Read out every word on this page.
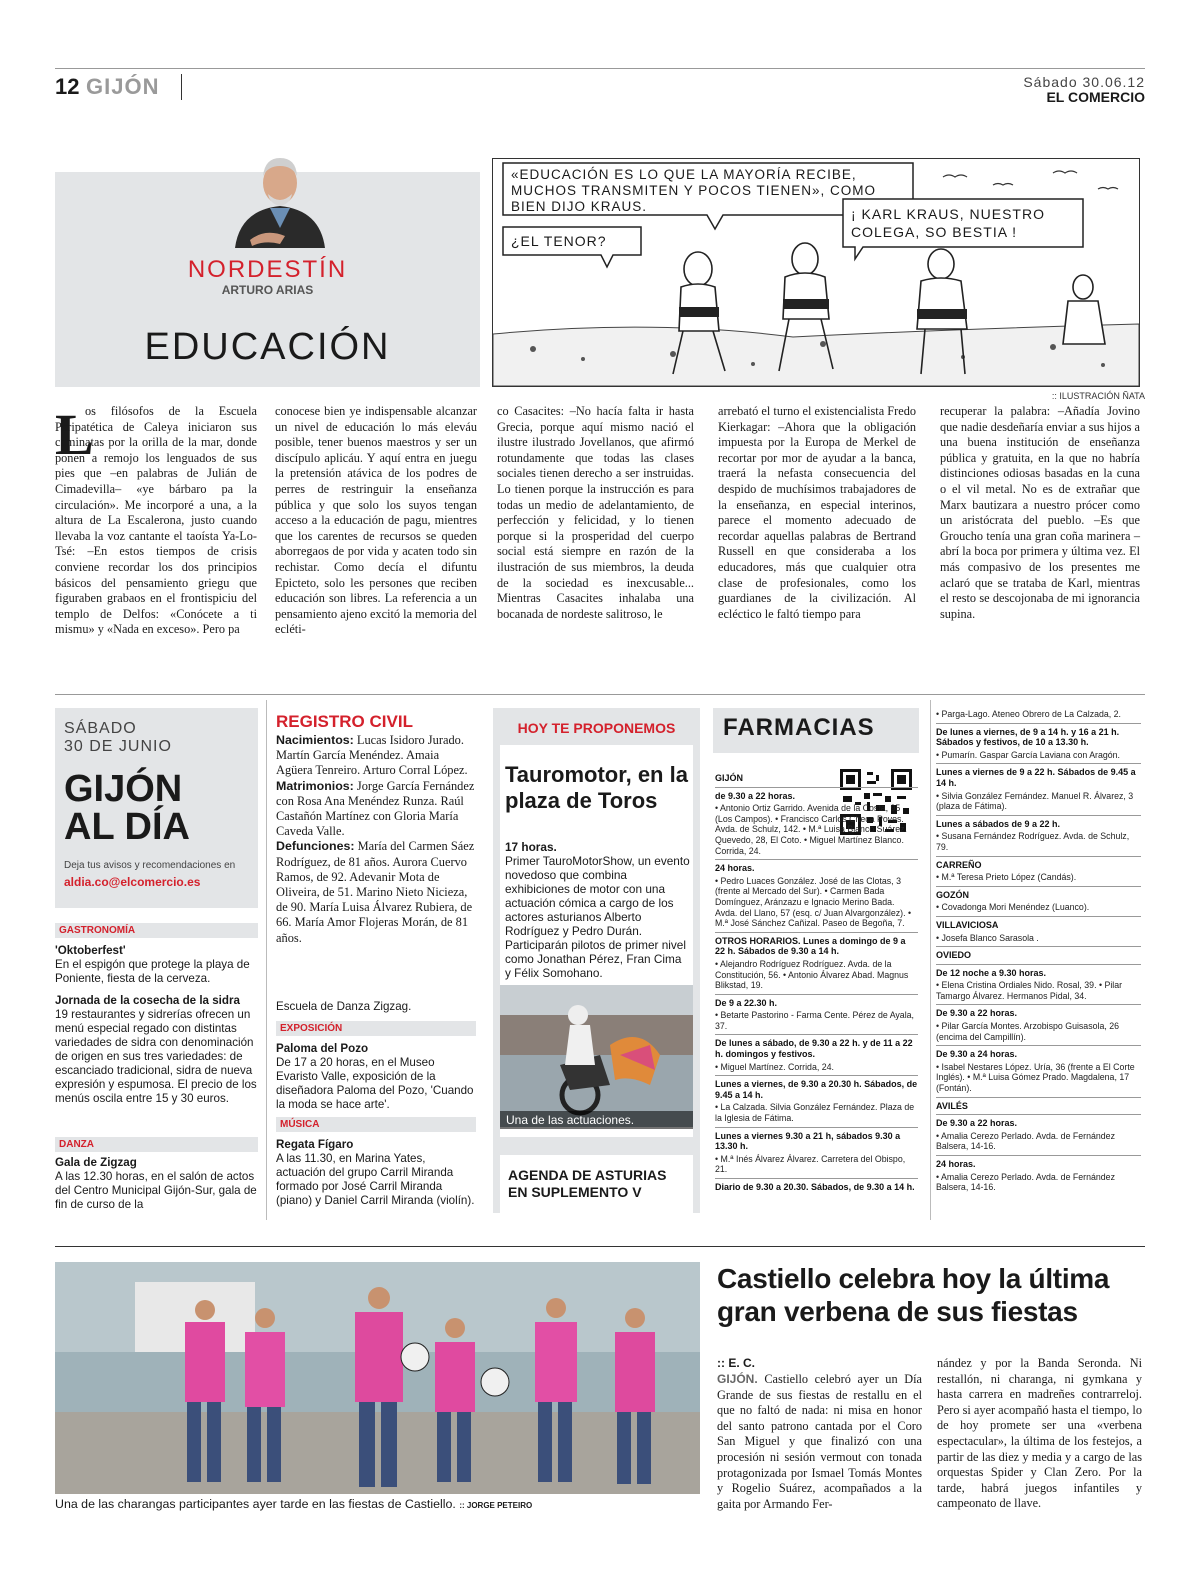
12 GIJÓN	Sábado 30.06.12
EL COMERCIO
NORDESTÍN
ARTURO ARIAS
EDUCACIÓN
«EDUCACIÓN ES LO QUE LA MAYORÍA RECIBE, MUCHOS TRANSMITEN Y POCOS TIENEN», COMO BIEN DIJO KRAUS.
¿EL TENOR?
¡ KARL KRAUS, NUESTRO COLEGA, SO BESTIA !
:: ILUSTRACIÓN ÑATA
L
os filósofos de la Escuela Peripatética de Caleya iniciaron sus caminatas por la orilla de la mar, donde ponen a remojo los lenguados de sus pies que –en palabras de Julián de Cimadevilla– «ye bárbaro pa la circulación». Me incorporé a una, a la altura de La Escalerona, justo cuando llevaba la voz cantante el taoísta Ya-Lo-Tsé: –En estos tiempos de crisis conviene recordar los dos principios básicos del pensamiento griegu que figuraben grabaos en el frontispiciu del templo de Delfos: «Conócete a ti mismu» y «Nada en exceso». Pero pa
conocese bien ye indispensable alcanzar un nivel de educación lo más eleváu posible, tener buenos maestros y ser un discípulo aplicáu. Y aquí entra en juegu la pretensión atávica de los podres de perres de restringuir la enseñanza pública y que solo los suyos tengan acceso a la educación de pagu, mientres que los carentes de recursos se queden aborregaos de por vida y acaten todo sin rechistar. Como decía el difuntu Epicteto, solo les persones que reciben educación son libres. La referencia a un pensamiento ajeno excitó la memoria del ecléti-
co Casacites: –No hacía falta ir hasta Grecia, porque aquí mismo nació el ilustre ilustrado Jovellanos, que afirmó rotundamente que todas las clases sociales tienen derecho a ser instruidas. Lo tienen porque la instrucción es para todas un medio de adelantamiento, de perfección y felicidad, y lo tienen porque si la prosperidad del cuerpo social está siempre en razón de la ilustración de sus miembros, la deuda de la sociedad es inexcusable... Mientras Casacites inhalaba una bocanada de nordeste salitroso, le
arrebató el turno el existencialista Fredo Kierkagar: –Ahora que la obligación impuesta por la Europa de Merkel de recortar por mor de ayudar a la banca, traerá la nefasta consecuencia del despido de muchísimos trabajadores de la enseñanza, en especial interinos, parece el momento adecuado de recordar aquellas palabras de Bertrand Russell en que consideraba a los educadores, más que cualquier otra clase de profesionales, como los guardianes de la civilización. Al ecléctico le faltó tiempo para
recuperar la palabra: –Añadía Jovino que nadie desdeñaría enviar a sus hijos a una buena institución de enseñanza pública y gratuita, en la que no habría distinciones odiosas basadas en la cuna o el vil metal. No es de extrañar que Marx bautizara a nuestro prócer como un aristócrata del pueblo. –Es que Groucho tenía una gran coña marinera –abrí la boca por primera y última vez. El más compasivo de los presentes me aclaró que se trataba de Karl, mientras el resto se descojonaba de mi ignorancia supina.
SÁBADO
30 DE JUNIO
GIJÓN
AL DÍA
Deja tus avisos y recomendaciones en
aldia.co@elcomercio.es
GASTRONOMÍA
'Oktoberfest'
En el espigón que protege la playa de Poniente, fiesta de la cerveza.
Jornada de la cosecha de la sidra
19 restaurantes y sidrerías ofrecen un menú especial regado con distintas variedades de sidra con denominación de origen en sus tres variedades: de escanciado tradicional, sidra de nueva expresión y espumosa. El precio de los menús oscila entre 15 y 30 euros.
DANZA
Gala de Zigzag
A las 12.30 horas, en el salón de actos del Centro Municipal Gijón-Sur, gala de fin de curso de la
REGISTRO CIVIL
Nacimientos: Lucas Isidoro Jurado. Martín García Menéndez. Amaia Agüera Tenreiro. Arturo Corral López.
Matrimonios: Jorge García Fernández con Rosa Ana Menéndez Runza. Raúl Castañón Martínez con Gloria María Caveda Valle.
Defunciones: María del Carmen Sáez Rodríguez, de 81 años. Aurora Cuervo Ramos, de 92. Adevanir Mota de Oliveira, de 51. Marino Nieto Nicieza, de 90. María Luisa Álvarez Rubiera, de 66. María Amor Flojeras Morán, de 81 años.
Escuela de Danza Zigzag.
EXPOSICIÓN
Paloma del Pozo
De 17 a 20 horas, en el Museo Evaristo Valle, exposición de la diseñadora Paloma del Pozo, 'Cuando la moda se hace arte'.
MÚSICA
Regata Fígaro
A las 11.30, en Marina Yates, actuación del grupo Carril Miranda formado por José Carril Miranda (piano) y Daniel Carril Miranda (violín).
HOY TE PROPONEMOS
Tauromotor, en la plaza de Toros
17 horas.
Primer TauroMotorShow, un evento novedoso que combina exhibiciones de motor con una actuación cómica a cargo de los actores asturianos Alberto Rodríguez y Pedro Durán. Participarán pilotos de primer nivel como Jonathan Pérez, Fran Cima y Félix Somohano.
Una de las actuaciones.
AGENDA DE ASTURIAS EN SUPLEMENTO V
FARMACIAS
GIJÓN
de 9.30 a 22 horas.
• Antonio Ortiz Garrido. Avenida de la Costa, 95 (Los Campos). • Francisco Carlos Checa Poves. Avda. de Schulz, 142. • M.ª Luisa Blanco Suárez. Quevedo, 28, El Coto. • Miguel Martínez Blanco. Corrida, 24.
24 horas.
• Pedro Luaces González. José de las Clotas, 3 (frente al Mercado del Sur). • Carmen Bada Domínguez, Aránzazu e Ignacio Merino Bada. Avda. del Llano, 57 (esq. c/ Juan Alvargonzález). • M.ª José Sánchez Cañizal. Paseo de Begoña, 7.
OTROS HORARIOS. Lunes a domingo de 9 a 22 h. Sábados de 9.30 a 14 h.
• Alejandro Rodríguez Rodríguez. Avda. de la Constitución, 56. • Antonio Álvarez Abad. Magnus Blikstad, 19.
De 9 a 22.30 h.
• Betarte Pastorino - Farma Cente. Pérez de Ayala, 37.
De lunes a sábado, de 9.30 a 22 h. y de 11 a 22 h. domingos y festivos.
• Miguel Martínez. Corrida, 24.
Lunes a viernes, de 9.30 a 20.30 h. Sábados, de 9.45 a 14 h.
• La Calzada. Silvia González Fernández. Plaza de la Iglesia de Fátima.
Lunes a viernes 9.30 a 21 h, sábados 9.30 a 13.30 h.
• M.ª Inés Álvarez Álvarez. Carretera del Obispo, 21.
Diario de 9.30 a 20.30. Sábados, de 9.30 a 14 h.
• Parga-Lago. Ateneo Obrero de La Calzada, 2.
De lunes a viernes, de 9 a 14 h. y 16 a 21 h. Sábados y festivos, de 10 a 13.30 h.
• Pumarín. Gaspar García Laviana con Aragón.
Lunes a viernes de 9 a 22 h. Sábados de 9.45 a 14 h.
• Silvia González Fernández. Manuel R. Álvarez, 3 (plaza de Fátima).
Lunes a sábados de 9 a 22 h.
• Susana Fernández Rodríguez. Avda. de Schulz, 79.
CARREÑO
• M.ª Teresa Prieto López (Candás).
GOZÓN
• Covadonga Mori Menéndez (Luanco).
VILLAVICIOSA
• Josefa Blanco Sarasola .
OVIEDO
De 12 noche a 9.30 horas.
• Elena Cristina Ordiales Nido. Rosal, 39. • Pilar Tamargo Álvarez. Hermanos Pidal, 34.
De 9.30 a 22 horas.
• Pilar García Montes. Arzobispo Guisasola, 26 (encima del Campillín).
De 9.30 a 24 horas.
• Isabel Nestares López. Uría, 36 (frente a El Corte Inglés). • M.ª Luisa Gómez Prado. Magdalena, 17 (Fontán).
AVILÉS
De 9.30 a 22 horas.
• Amalia Cerezo Perlado. Avda. de Fernández Balsera, 14-16.
24 horas.
• Amalia Cerezo Perlado. Avda. de Fernández Balsera, 14-16.
Una de las charangas participantes ayer tarde en las fiestas de Castiello. :: JORGE PETEIRO
Castiello celebra hoy la última gran verbena de sus fiestas
:: E. C.
GIJÓN. Castiello celebró ayer un Día Grande de sus fiestas de restallu en el que no faltó de nada: ni misa en honor del santo patrono cantada por el Coro San Miguel y que finalizó con una procesión ni sesión vermout con tonada protagonizada por Ismael Tomás Montes y Rogelio Suárez, acompañados a la gaita por Armando Fer-
nández y por la Banda Seronda. Ni restallón, ni charanga, ni gymkana y hasta carrera en madreñes contrarreloj. Pero si ayer acompañó hasta el tiempo, lo de hoy promete ser una «verbena espectacular», la última de los festejos, a partir de las diez y media y a cargo de las orquestas Spider y Clan Zero. Por la tarde, habrá juegos infantiles y campeonato de llave.
